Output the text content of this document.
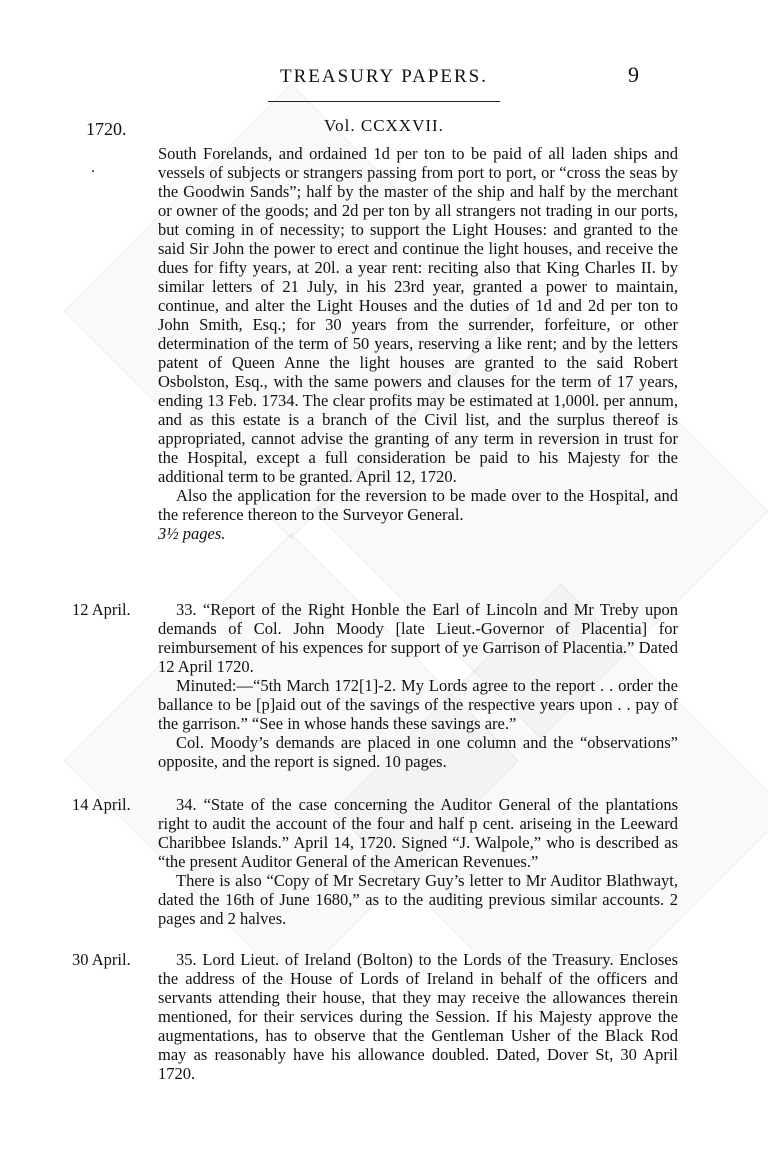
TREASURY PAPERS.	9
Vol. CCXXVII.
1720.
.

South Forelands, and ordained 1d per ton to be paid of all laden ships and vessels of subjects or strangers passing from port to port, or “cross the seas by the Goodwin Sands”; half by the master of the ship and half by the merchant or owner of the goods; and 2d per ton by all strangers not trading in our ports, but coming in of necessity; to support the Light Houses: and granted to the said Sir John the power to erect and continue the light houses, and receive the dues for fifty years, at 20l. a year rent: reciting also that King Charles II. by similar letters of 21 July, in his 23rd year, granted a power to maintain, continue, and alter the Light Houses and the duties of 1d and 2d per ton to John Smith, Esq.; for 30 years from the surrender, forfeiture, or other determination of the term of 50 years, reserving a like rent; and by the letters patent of Queen Anne the light houses are granted to the said Robert Osbolston, Esq., with the same powers and clauses for the term of 17 years, ending 13 Feb. 1734. The clear profits may be estimated at 1,000l. per annum, and as this estate is a branch of the Civil list, and the surplus thereof is appropriated, cannot advise the granting of any term in reversion in trust for the Hospital, except a full consideration be paid to his Majesty for the additional term to be granted. April 12, 1720.

Also the application for the reversion to be made over to the Hospital, and the reference thereon to the Surveyor General.

3½ pages.

12 April.	33. “Report of the Right Honble the Earl of Lincoln and Mr Treby upon demands of Col. John Moody [late Lieut.-Governor of Placentia] for reimbursement of his expences for support of ye Garrison of Placentia.” Dated 12 April 1720.

Minuted:—“5th March 172[1]-2. My Lords agree to the report . . order the ballance to be [p]aid out of the savings of the respective years upon . . pay of the garrison.” “See in whose hands these savings are.”

Col. Moody’s demands are placed in one column and the “observations” opposite, and the report is signed. 10 pages.

14 April.	34. “State of the case concerning the Auditor General of the plantations right to audit the account of the four and half p cent. ariseing in the Leeward Charibbee Islands.” April 14, 1720. Signed “J. Walpole,” who is described as “the present Auditor General of the American Revenues.”

There is also “Copy of Mr Secretary Guy’s letter to Mr Auditor Blathwayt, dated the 16th of June 1680,” as to the auditing previous similar accounts. 2 pages and 2 halves.

30 April.	35. Lord Lieut. of Ireland (Bolton) to the Lords of the Treasury. Encloses the address of the House of Lords of Ireland in behalf of the officers and servants attending their house, that they may receive the allowances therein mentioned, for their services during the Session. If his Majesty approve the augmentations, has to observe that the Gentleman Usher of the Black Rod may as reasonably have his allowance doubled. Dated, Dover St, 30 April 1720.
